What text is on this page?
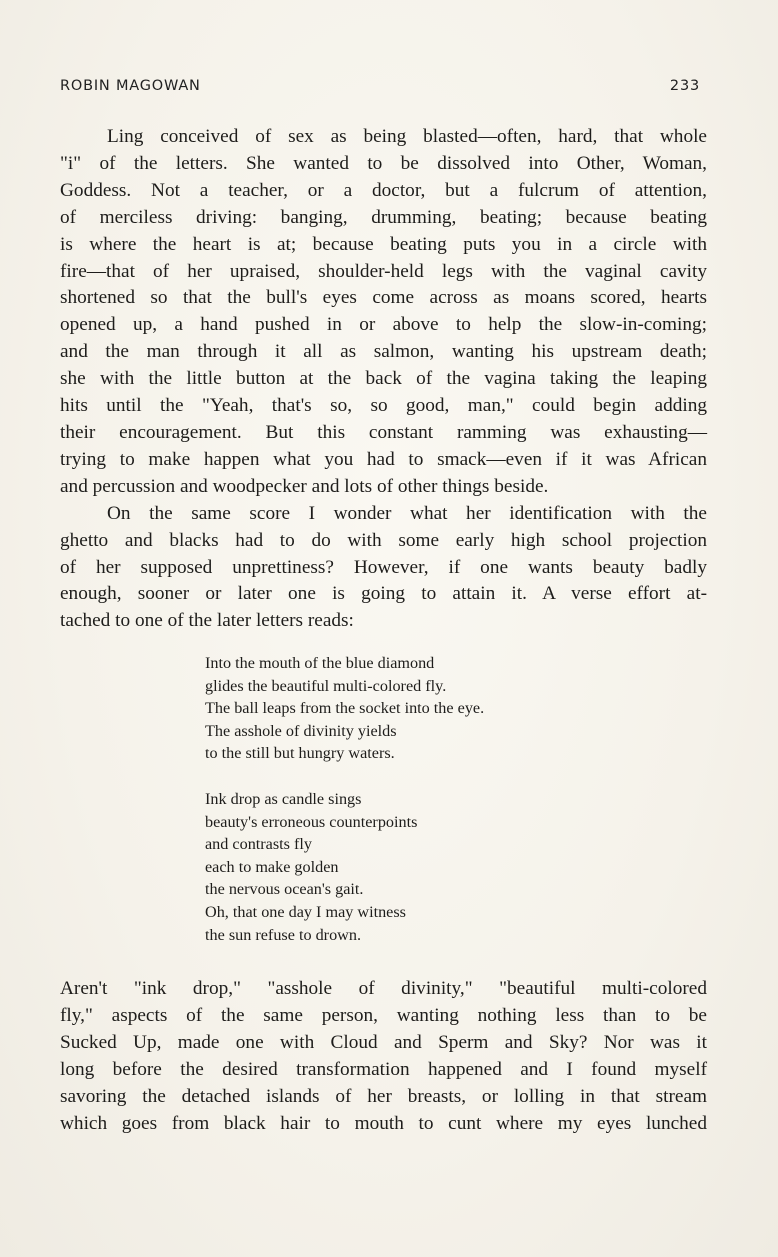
ROBIN MAGOWAN	233
Ling conceived of sex as being blasted—often, hard, that whole
"i" of the letters. She wanted to be dissolved into Other, Woman,
Goddess. Not a teacher, or a doctor, but a fulcrum of attention,
of merciless driving: banging, drumming, beating; because beating
is where the heart is at; because beating puts you in a circle with
fire—that of her upraised, shoulder-held legs with the vaginal cavity
shortened so that the bull's eyes come across as moans scored, hearts
opened up, a hand pushed in or above to help the slow-in-coming;
and the man through it all as salmon, wanting his upstream death;
she with the little button at the back of the vagina taking the leaping
hits until the "Yeah, that's so, so good, man," could begin adding
their encouragement. But this constant ramming was exhausting—
trying to make happen what you had to smack—even if it was African
and percussion and woodpecker and lots of other things beside.
On the same score I wonder what her identification with the
ghetto and blacks had to do with some early high school projection
of her supposed unprettiness? However, if one wants beauty badly
enough, sooner or later one is going to attain it. A verse effort at-
tached to one of the later letters reads:
Into the mouth of the blue diamond
glides the beautiful multi-colored fly.
The ball leaps from the socket into the eye.
The asshole of divinity yields
to the still but hungry waters.
Ink drop as candle sings
beauty's erroneous counterpoints
and contrasts fly
each to make golden
the nervous ocean's gait.
Oh, that one day I may witness
the sun refuse to drown.
Aren't "ink drop," "asshole of divinity," "beautiful multi-colored
fly," aspects of the same person, wanting nothing less than to be
Sucked Up, made one with Cloud and Sperm and Sky? Nor was it
long before the desired transformation happened and I found myself
savoring the detached islands of her breasts, or lolling in that stream
which goes from black hair to mouth to cunt where my eyes lunched
